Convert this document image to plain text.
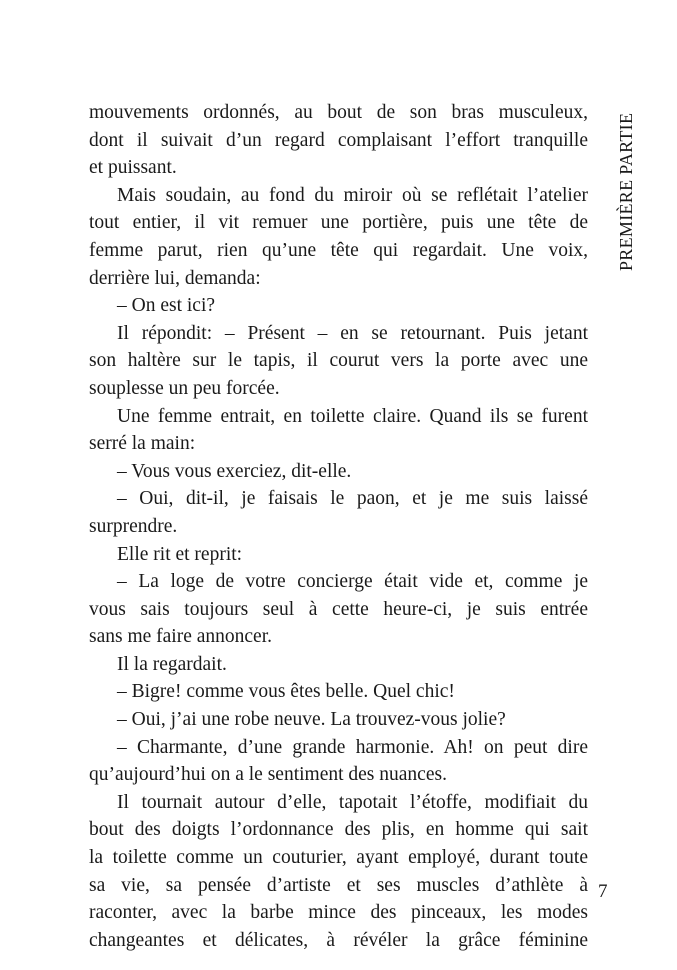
mouvements ordonnés, au bout de son bras musculeux,

dont il suivait d’un regard complaisant l’effort tranquille

et puissant.

Mais soudain, au fond du miroir où se reflétait l’atelier

tout entier, il vit remuer une portière, puis une tête de

femme parut, rien qu’une tête qui regardait. Une voix,

derrière lui, demanda:

– On est ici?

Il répondit: – Présent – en se retournant. Puis jetant

son haltère sur le tapis, il courut vers la porte avec une

souplesse un peu forcée.

Une femme entrait, en toilette claire. Quand ils se furent

serré la main:

– Vous vous exerciez, dit-elle.

– Oui, dit-il, je faisais le paon, et je me suis laissé

surprendre.

Elle rit et reprit:

– La loge de votre concierge était vide et, comme je

vous sais toujours seul à cette heure-ci, je suis entrée

sans me faire annoncer.

Il la regardait.

– Bigre! comme vous êtes belle. Quel chic!

– Oui, j’ai une robe neuve. La trouvez-vous jolie?

– Charmante, d’une grande harmonie. Ah! on peut dire

qu’aujourd’hui on a le sentiment des nuances.

Il tournait autour d’elle, tapotait l’étoffe, modifiait du

bout des doigts l’ordonnance des plis, en homme qui sait

la toilette comme un couturier, ayant employé, durant toute

sa vie, sa pensée d’artiste et ses muscles d’athlète à

raconter, avec la barbe mince des pinceaux, les modes

changeantes et délicates, à révéler la grâce féminine

PREMIÈRE PARTIE
7
